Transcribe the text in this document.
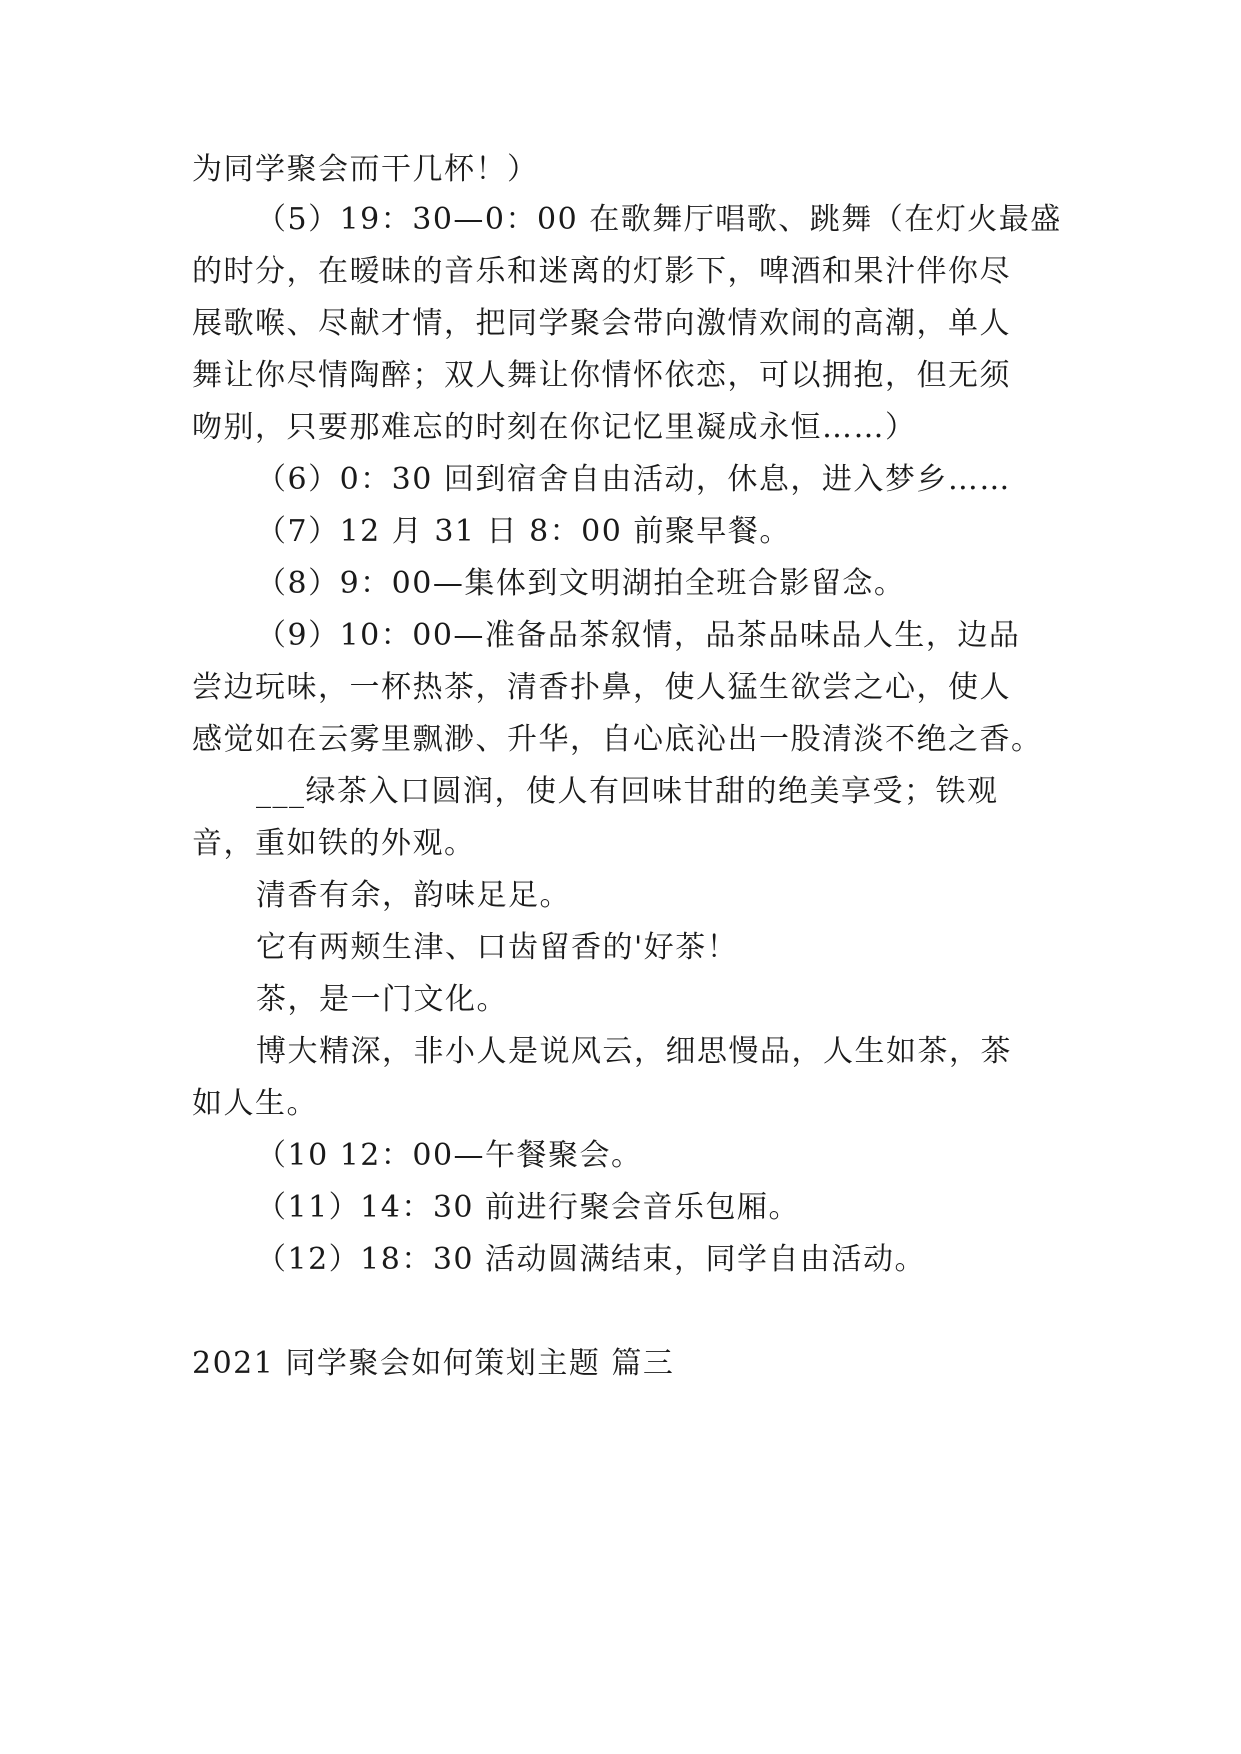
为同学聚会而干几杯！）
（5）19：30—0：00 在歌舞厅唱歌、跳舞（在灯火最盛
的时分，在暧昧的音乐和迷离的灯影下，啤酒和果汁伴你尽
展歌喉、尽献才情，把同学聚会带向激情欢闹的高潮，单人
舞让你尽情陶醉；双人舞让你情怀依恋，可以拥抱，但无须
吻别，只要那难忘的时刻在你记忆里凝成永恒……）
（6）0：30 回到宿舍自由活动，休息，进入梦乡……
（7）12 月 31 日 8：00 前聚早餐。
（8）9：00—集体到文明湖拍全班合影留念。
（9）10：00—准备品茶叙情，品茶品味品人生，边品
尝边玩味，一杯热茶，清香扑鼻，使人猛生欲尝之心，使人
感觉如在云雾里飘渺、升华，自心底沁出一股清淡不绝之香。
___绿茶入口圆润，使人有回味甘甜的绝美享受；铁观
音，重如铁的外观。
清香有余，韵味足足。
它有两颊生津、口齿留香的'好茶！
茶，是一门文化。
博大精深，非小人是说风云，细思慢品，人生如茶，茶
如人生。
（10 12：00—午餐聚会。
（11）14：30 前进行聚会音乐包厢。
（12）18：30 活动圆满结束，同学自由活动。
2021 同学聚会如何策划主题 篇三
